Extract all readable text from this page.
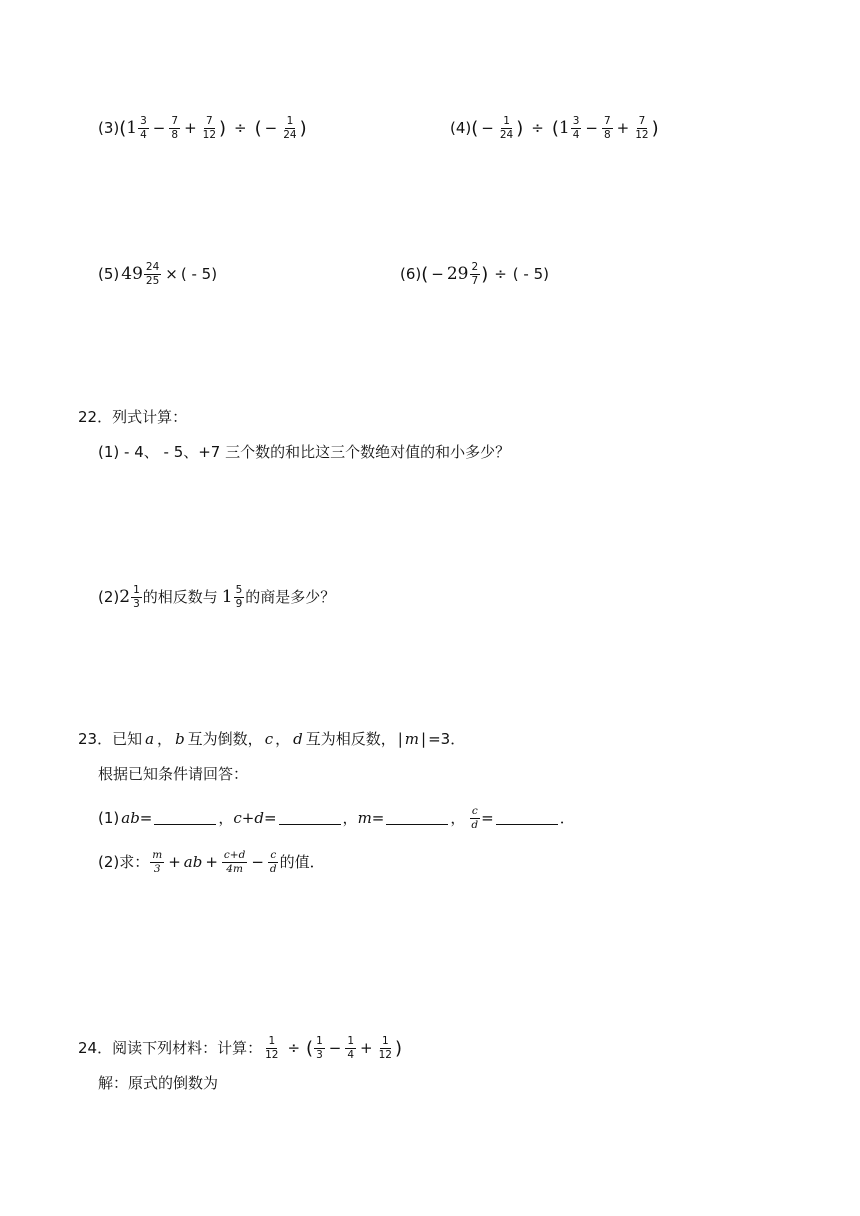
(3) ( $1 \frac{3}{4} - \frac{7}{8} + \frac{7}{12}$ ) ÷ ( − $\frac{1}{24}$ )	(4) ( − $\frac{1}{24}$ ) ÷ ( $1 \frac{3}{4} - \frac{7}{8} + \frac{7}{12}$ )
(5) $49 \frac{24}{25}$ × ( - 5)	(6) ( − $29 \frac{2}{7}$ ) ÷ ( - 5)
22．列式计算：
(1) - 4、 - 5、+7 三个数的和比这三个数绝对值的和小多少？
(2) $2 \frac{1}{3}$ 的相反数与 $1 \frac{5}{9}$ 的商是多少？
23．已知 a ， b 互为倒数， c ， d 互为相反数， | m | =3．
根据已知条件请回答：
(1) ab =	， c+d =	， m =	， $\frac{c}{d}$ =	．
(2)求： $\frac{m}{3}$ + ab + $\frac{c+d}{4m} - \frac{c}{d}$ 的值．
24．阅读下列材料：计算： $\frac{1}{12}$ ÷ ( $\frac{1}{3} - \frac{1}{4} + \frac{1}{12}$ )
解：原式的倒数为
